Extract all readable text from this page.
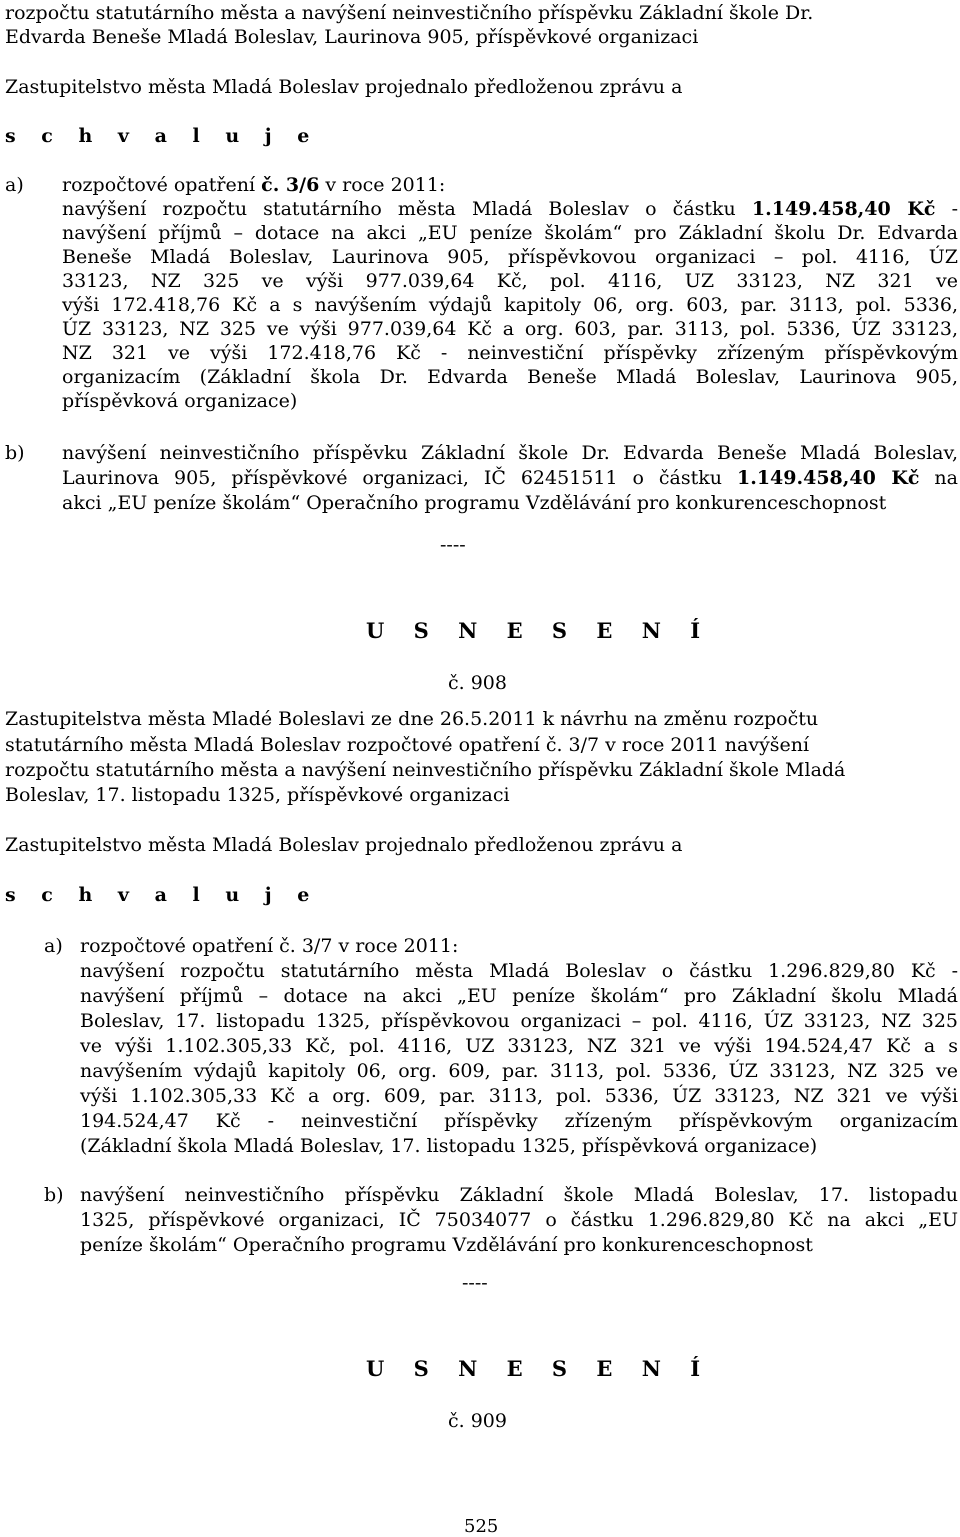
rozpočtu statutárního města a navýšení neinvestičního příspěvku Základní škole Dr.
Edvarda Beneše Mladá Boleslav, Laurinova 905, příspěvkové organizaci
Zastupitelstvo města Mladá Boleslav projednalo předloženou zprávu a
s c h v a l u j e
a) rozpočtové opatření č. 3/6 v roce 2011:
navýšení rozpočtu statutárního města Mladá Boleslav o částku 1.149.458,40 Kč -
navýšení příjmů – dotace na akci „EU peníze školám“ pro Základní školu Dr. Edvarda
Beneše Mladá Boleslav, Laurinova 905, příspěvkovou organizaci – pol. 4116, ÚZ
33123, NZ 325 ve výši 977.039,64 Kč, pol. 4116, UZ 33123, NZ 321 ve
výši 172.418,76 Kč a s navýšením výdajů kapitoly 06, org. 603, par. 3113, pol. 5336,
ÚZ 33123, NZ 325 ve výši 977.039,64 Kč a org. 603, par. 3113, pol. 5336, ÚZ 33123,
NZ 321 ve výši 172.418,76 Kč - neinvestiční příspěvky zřízeným příspěvkovým
organizacím (Základní škola Dr. Edvarda Beneše Mladá Boleslav, Laurinova 905,
příspěvková organizace)
b) navýšení neinvestičního příspěvku Základní škole Dr. Edvarda Beneše Mladá Boleslav,
Laurinova 905, příspěvkové organizaci, IČ 62451511 o částku 1.149.458,40 Kč na
akci „EU peníze školám“ Operačního programu Vzdělávání pro konkurenceschopnost
----
U S N E S E N Í
č. 908
Zastupitelstva města Mladé Boleslavi ze dne 26.5.2011 k návrhu na změnu rozpočtu
statutárního města Mladá Boleslav rozpočtové opatření č. 3/7 v roce 2011 navýšení
rozpočtu statutárního města a navýšení neinvestičního příspěvku Základní škole Mladá
Boleslav, 17. listopadu 1325, příspěvkové organizaci
Zastupitelstvo města Mladá Boleslav projednalo předloženou zprávu a
s c h v a l u j e
a) rozpočtové opatření č. 3/7 v roce 2011:
navýšení rozpočtu statutárního města Mladá Boleslav o částku 1.296.829,80 Kč -
navýšení příjmů – dotace na akci „EU peníze školám“ pro Základní školu Mladá
Boleslav, 17. listopadu 1325, příspěvkovou organizaci – pol. 4116, ÚZ 33123, NZ 325
ve výši 1.102.305,33 Kč, pol. 4116, UZ 33123, NZ 321 ve výši 194.524,47 Kč a s
navýšením výdajů kapitoly 06, org. 609, par. 3113, pol. 5336, ÚZ 33123, NZ 325 ve
výši 1.102.305,33 Kč a org. 609, par. 3113, pol. 5336, ÚZ 33123, NZ 321 ve výši
194.524,47 Kč - neinvestiční příspěvky zřízeným příspěvkovým organizacím
(Základní škola Mladá Boleslav, 17. listopadu 1325, příspěvková organizace)
b) navýšení neinvestičního příspěvku Základní škole Mladá Boleslav, 17. listopadu
1325, příspěvkové organizaci, IČ 75034077 o částku 1.296.829,80 Kč na akci „EU
peníze školám“ Operačního programu Vzdělávání pro konkurenceschopnost
----
U S N E S E N Í
č. 909
525
